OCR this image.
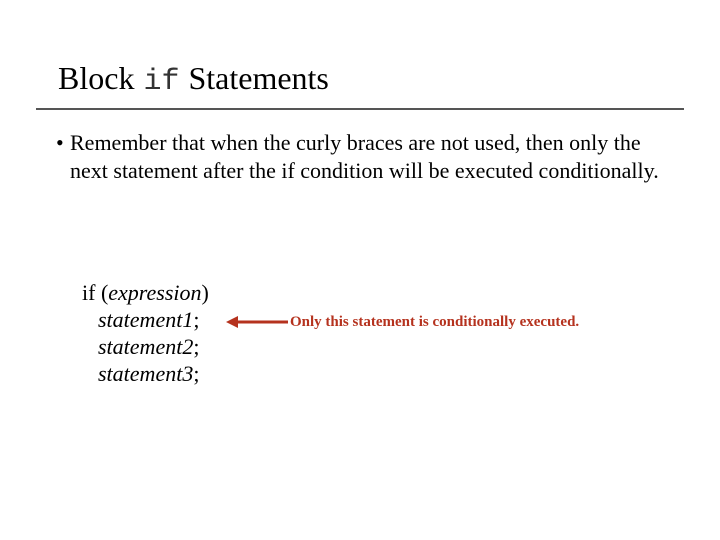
Block if Statements
• Remember that when the curly braces are not used, then only the next statement after the if condition will be executed conditionally.
if (expression)
statement1;
statement2;
statement3;
Only this statement is conditionally executed.
